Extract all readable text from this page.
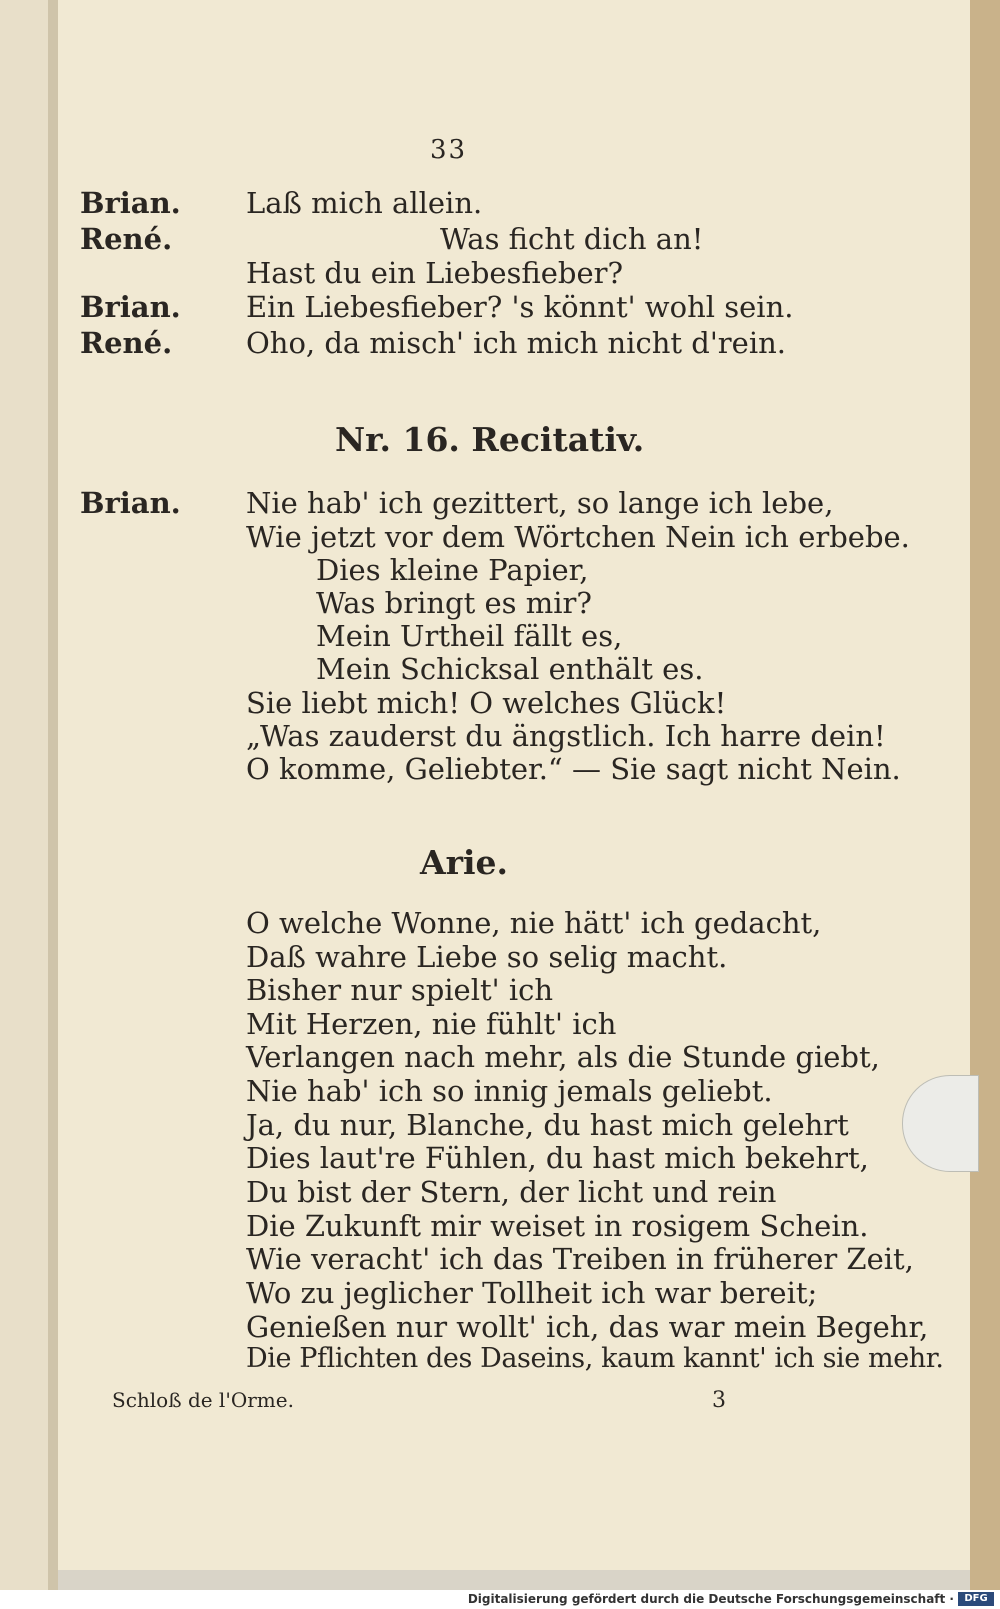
33
Brian. Laß mich allein.
René.	Was ficht dich an!
Hast du ein Liebesfieber?
Brian. Ein Liebesfieber? 's könnt' wohl sein.
René.	Oho, da misch' ich mich nicht d'rein.
Nr. 16. Recitativ.
Brian. Nie hab' ich gezittert, so lange ich lebe,
Wie jetzt vor dem Wörtchen Nein ich erbebe.
Dies kleine Papier,
Was bringt es mir?
Mein Urtheil fällt es,
Mein Schicksal enthält es.
Sie liebt mich! O welches Glück!
„Was zauderst du ängstlich. Ich harre dein!
O komme, Geliebter.“ — Sie sagt nicht Nein.
Arie.
O welche Wonne, nie hätt' ich gedacht,
Daß wahre Liebe so selig macht.
Bisher nur spielt' ich
Mit Herzen, nie fühlt' ich
Verlangen nach mehr, als die Stunde giebt,
Nie hab' ich so innig jemals geliebt.
Ja, du nur, Blanche, du hast mich gelehrt
Dies laut're Fühlen, du hast mich bekehrt,
Du bist der Stern, der licht und rein
Die Zukunft mir weiset in rosigem Schein.
Wie veracht' ich das Treiben in früherer Zeit,
Wo zu jeglicher Tollheit ich war bereit;
Genießen nur wollt' ich, das war mein Begehr,
Die Pflichten des Daseins, kaum kannt' ich sie mehr.
Schloß de l'Orme.	3
Digitalisierung gefördert durch die Deutsche Forschungsgemeinschaft ·	DFG
